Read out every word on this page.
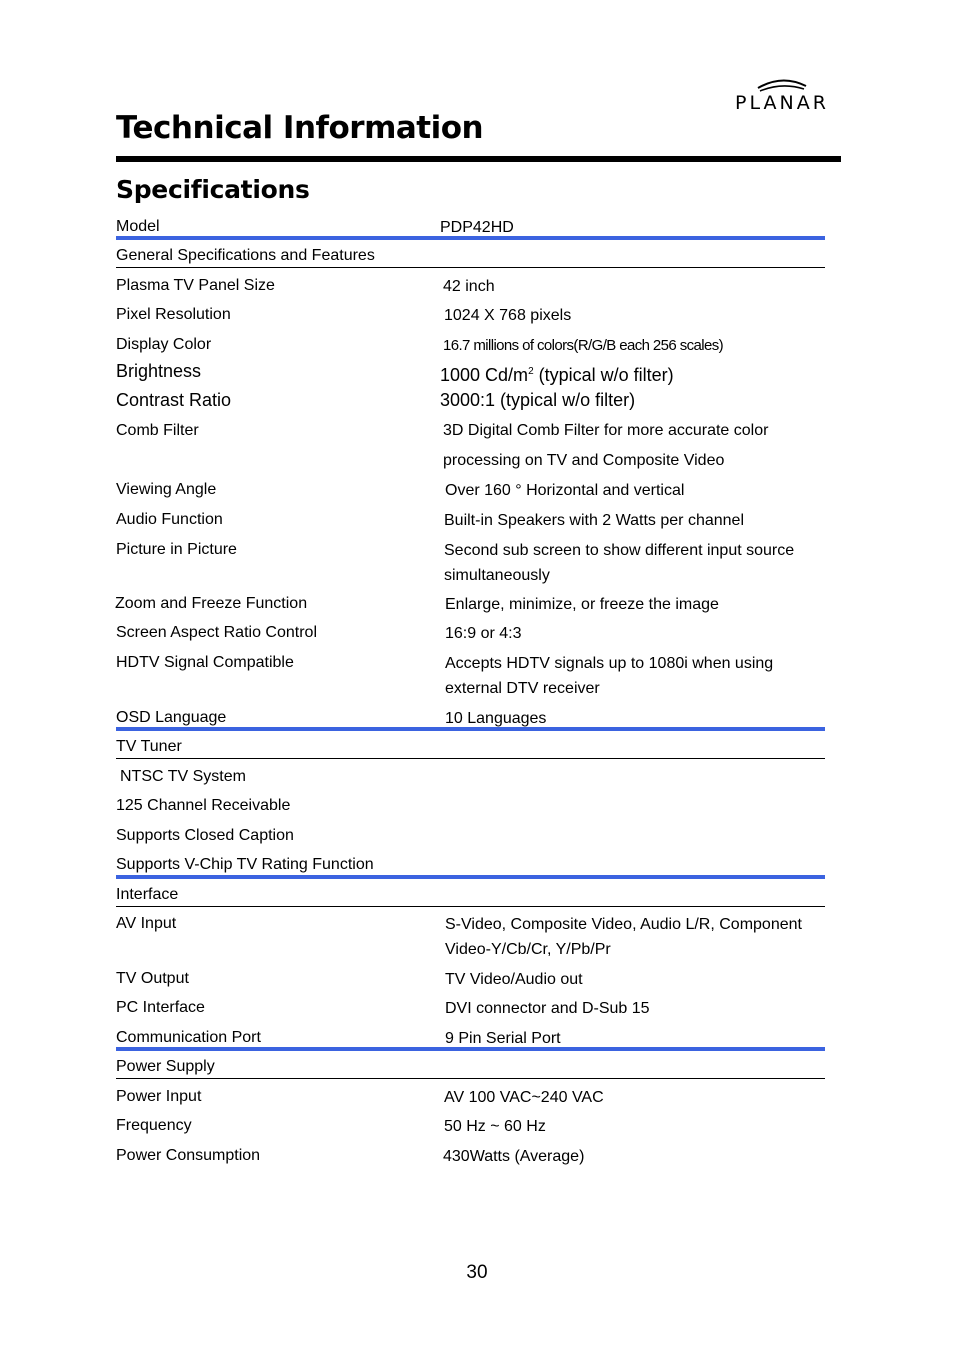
PLANAR
Technical Information
Specifications
Model	PDP42HD
General Specifications and Features
Plasma TV Panel Size	42 inch
Pixel Resolution	1024 X 768 pixels
Display Color	16.7 millions of colors(R/G/B each 256 scales)
Brightness	1000 $Cd/m^2$ (typical w/o filter)
Contrast Ratio	3000:1 (typical w/o filter)
Comb Filter	3D Digital Comb Filter for more accurate color
processing on TV and Composite Video
Viewing Angle	Over 160 ° Horizontal and vertical
Audio Function	Built-in Speakers with 2 Watts per channel
Picture in Picture	Second sub screen to show different input source simultaneously
Zoom and Freeze Function	Enlarge, minimize, or freeze the image
Screen Aspect Ratio Control	16:9 or 4:3
HDTV Signal Compatible	Accepts HDTV signals up to 1080i when using external DTV receiver
OSD Language	10 Languages
TV Tuner
NTSC TV System
125 Channel Receivable
Supports Closed Caption
Supports V-Chip TV Rating Function
Interface
AV Input	S-Video, Composite Video, Audio L/R, Component Video-Y/Cb/Cr, Y/Pb/Pr
TV Output	TV Video/Audio out
PC Interface	DVI connector and D-Sub 15
Communication Port	9 Pin Serial Port
Power Supply
Power Input	AV 100 VAC~240 VAC
Frequency	50 Hz ~ 60 Hz
Power Consumption	430Watts (Average)
30
